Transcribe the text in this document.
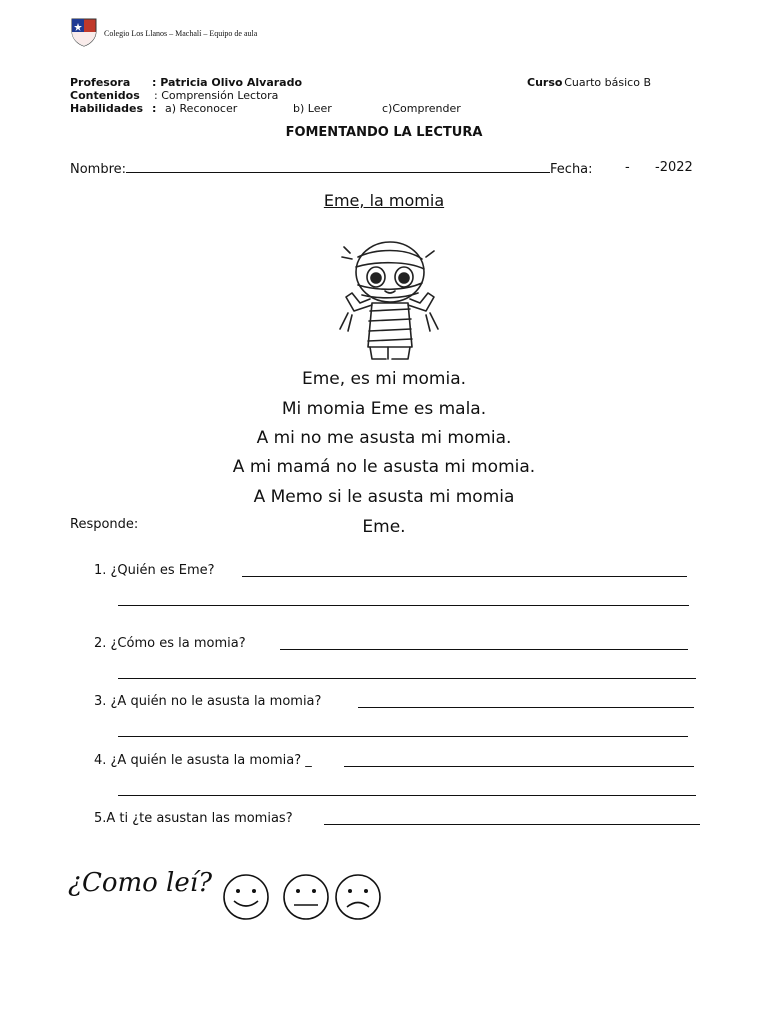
Colegio Los Llanos – Machalí – Equipo de aula
Profesora : Patricia Olivo Alvarado
Contenidos : Comprensión Lectora
Habilidades : a) Reconocer	b) Leer	c)Comprender
Curso
: Cuarto básico B
FOMENTANDO LA LECTURA
Nombre:	Fecha: - -2022
Eme, la momia
Eme, es mi momia.
Mi momia Eme es mala.
A mi no me asusta mi momia.
A mi mamá no le asusta mi momia.
A Memo si le asusta mi momia
Eme.
Responde:
1. ¿Quién es Eme?
2. ¿Cómo es la momia?
3. ¿A quién no le asusta la momia?
4. ¿A quién le asusta la momia? _
5.A ti ¿te asustan las momias?
¿Como leí?
